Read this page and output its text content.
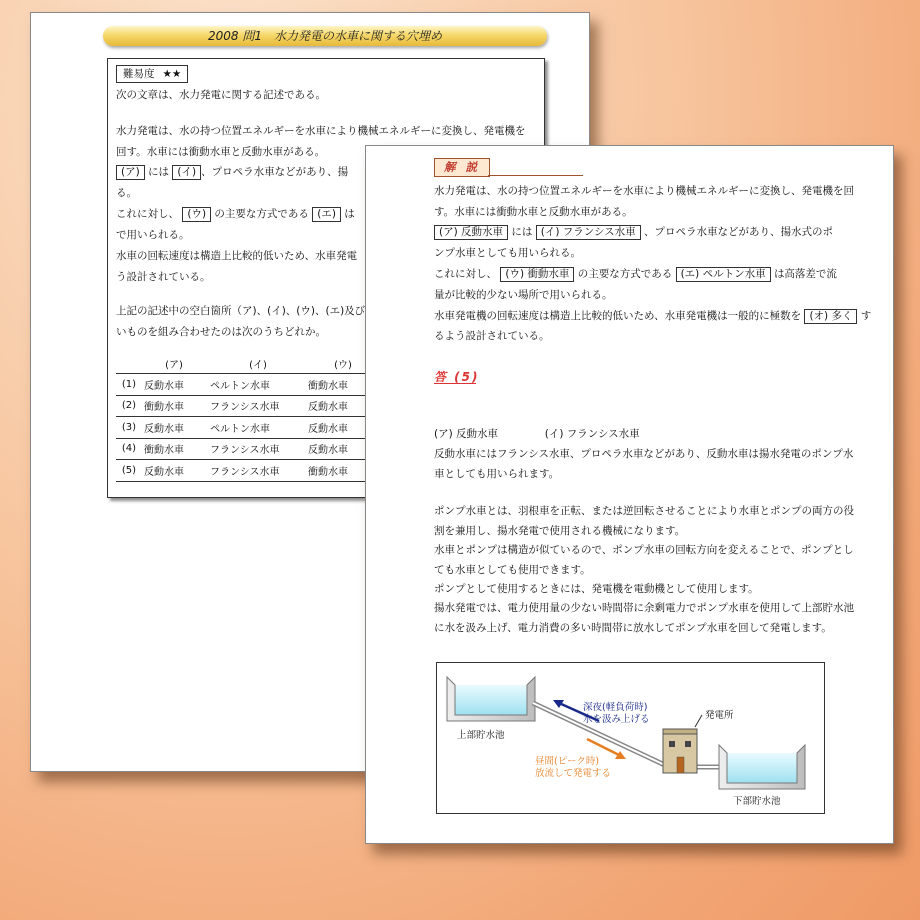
2008 問1　水力発電の水車に関する穴埋め
難易度 ★★
次の文章は、水力発電に関する記述である。
水力発電は、水の持つ位置エネルギーを水車により機械エネルギーに変換し、発電機を
回す。水車には衝動水車と反動水車がある。
(ア) には (イ) 、プロペラ水車などがあり、揚
る。
これに対し、 (ウ) の主要な方式である (エ) は
で用いられる。
水車の回転速度は構造上比較的低いため、水車発電
う設計されている。
上記の記述中の空白箇所（ア)、(イ)、(ウ)、(エ)及び
いものを組み合わせたのは次のうちどれか。
	(ア)	(イ)	(ウ)
(1)	反動水車	ペルトン水車	衝動水車
(2)	衝動水車	フランシス水車	反動水車
(3)	反動水車	ペルトン水車	反動水車
(4)	衝動水車	フランシス水車	反動水車
(5)	反動水車	フランシス水車	衝動水車
解 説
水力発電は、水の持つ位置エネルギーを水車により機械エネルギーに変換し、発電機を回
す。水車には衝動水車と反動水車がある。
(ア) 反動水車 には (イ) フランシス水車 、プロペラ水車などがあり、揚水式のポ
ンプ水車としても用いられる。
これに対し、 (ウ) 衝動水車 の主要な方式である (エ) ペルトン水車 は高落差で流
量が比較的少ない場所で用いられる。
水車発電機の回転速度は構造上比較的低いため、水車発電機は一般的に極数を (オ) 多く す
るよう設計されている。
答 (5)
(ア) 反動水車	(イ) フランシス水車
反動水車にはフランシス水車、プロペラ水車などがあり、反動水車は揚水発電のポンプ水
車としても用いられます。
ポンプ水車とは、羽根車を正転、または逆回転させることにより水車とポンプの両方の役
割を兼用し、揚水発電で使用される機械になります。
水車とポンプは構造が似ているので、ポンプ水車の回転方向を変えることで、ポンプとし
ても水車としても使用できます。
ポンプとして使用するときには、発電機を電動機として使用します。
揚水発電では、電力使用量の少ない時間帯に余剰電力でポンプ水車を使用して上部貯水池
に水を汲み上げ、電力消費の多い時間帯に放水してポンプ水車を回して発電します。
上部貯水池
下部貯水池
発電所
深夜(軽負荷時)
水を汲み上げる
昼間(ピーク時)
放流して発電する
